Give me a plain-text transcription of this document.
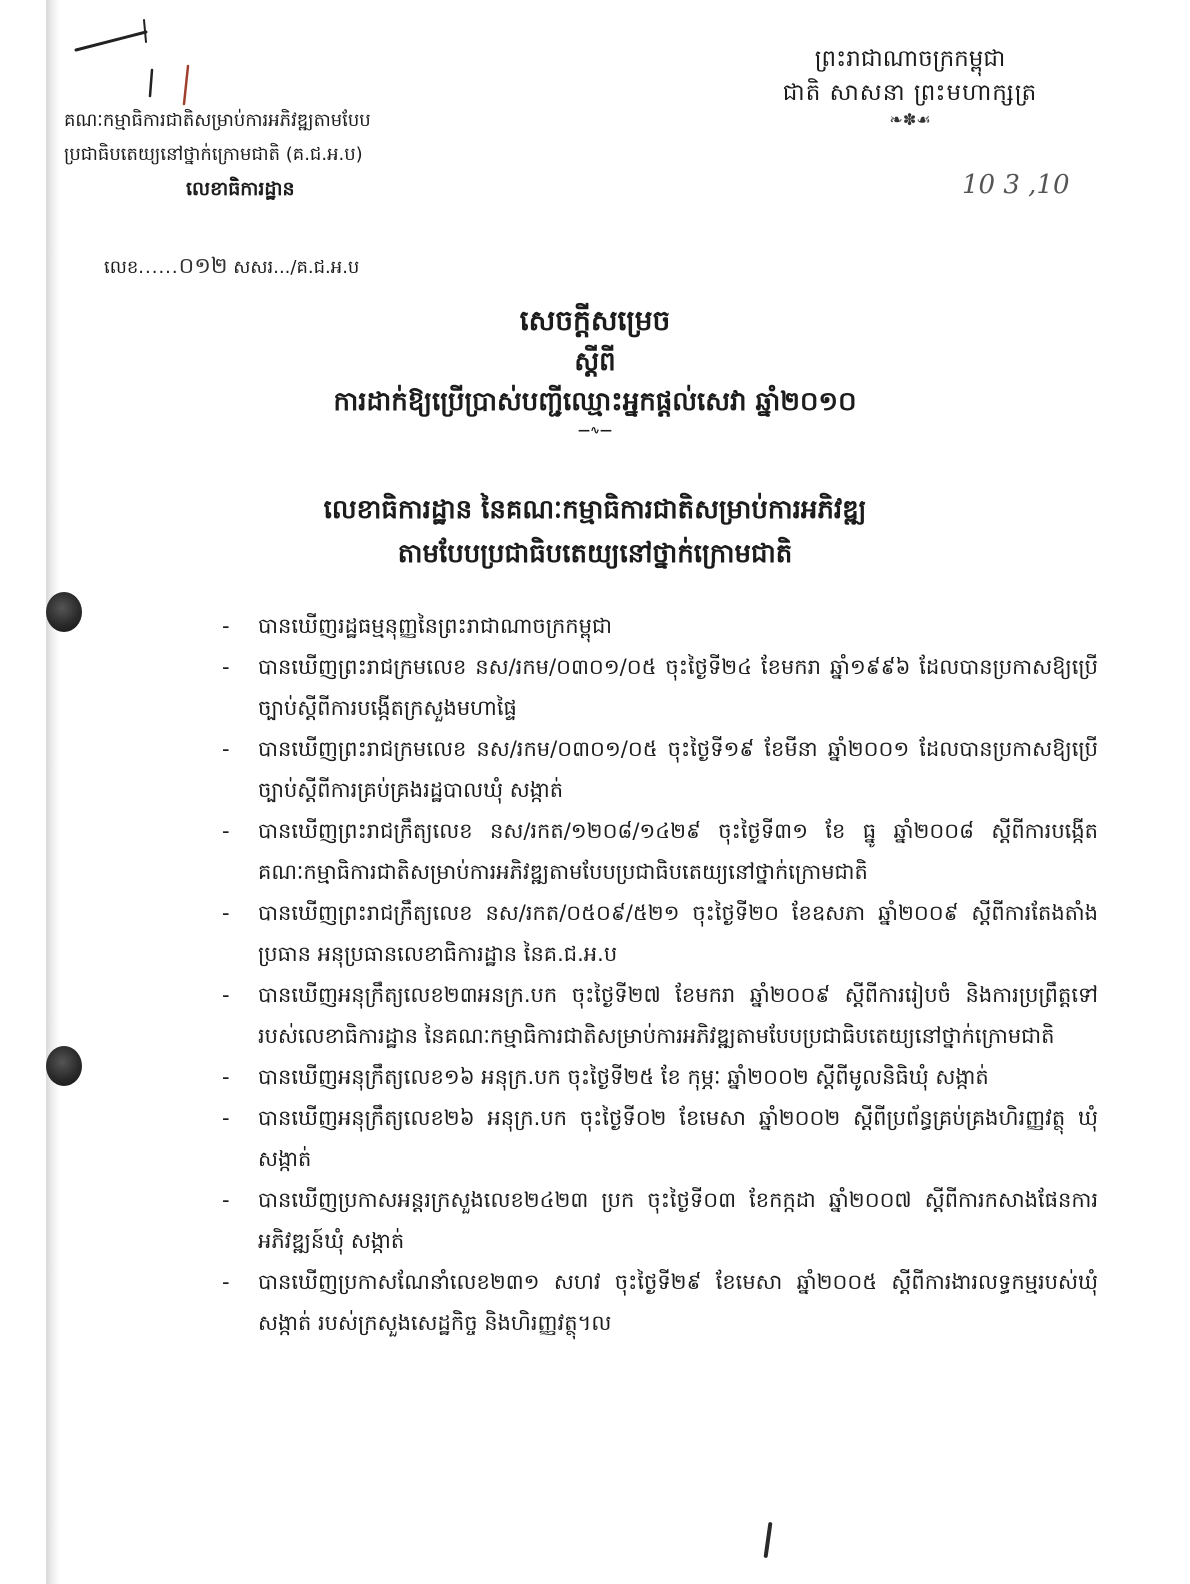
ព្រះរាជាណាចក្រកម្ពុជា
ជាតិ សាសនា ព្រះមហាក្សត្រ
❧✽☙
10 3 ,10
គណៈកម្មាធិការជាតិសម្រាប់ការអភិវឌ្ឍតាមបែប
ប្រជាធិបតេយ្យនៅថ្នាក់ក្រោមជាតិ (គ.ជ.អ.ប)
លេខាធិការដ្ឋាន
លេខ......០១២ សសរ.../គ.ជ.អ.ប
សេចក្តីសម្រេច
ស្តីពី
ការដាក់ឱ្យប្រើប្រាស់បញ្ជីឈ្មោះអ្នកផ្តល់សេវា ឆ្នាំ២០១០
—∿—
លេខាធិការដ្ឋាន នៃគណៈកម្មាធិការជាតិសម្រាប់ការអភិវឌ្ឍ
តាមបែបប្រជាធិបតេយ្យនៅថ្នាក់ក្រោមជាតិ
- បានឃើញរដ្ឋធម្មនុញ្ញនៃព្រះរាជាណាចក្រកម្ពុជា
- បានឃើញព្រះរាជក្រមលេខ នស/រកម/០៣០១/០៥ ចុះថ្ងៃទី២៤ ខែមករា ឆ្នាំ១៩៩៦ ដែលបានប្រកាសឱ្យប្រើច្បាប់ស្តីពីការបង្កើតក្រសួងមហាផ្ទៃ
- បានឃើញព្រះរាជក្រមលេខ នស/រកម/០៣០១/០៥ ចុះថ្ងៃទី១៩ ខែមីនា ឆ្នាំ២០០១ ដែលបានប្រកាសឱ្យប្រើច្បាប់ស្តីពីការគ្រប់គ្រងរដ្ឋបាលឃុំ សង្កាត់
- បានឃើញព្រះរាជក្រឹត្យលេខ នស/រកត/១២០៨/១៤២៩ ចុះថ្ងៃទី៣១ ខែ ធ្នូ ឆ្នាំ២០០៨ ស្តីពីការបង្កើតគណៈកម្មាធិការជាតិសម្រាប់ការអភិវឌ្ឍតាមបែបប្រជាធិបតេយ្យនៅថ្នាក់ក្រោមជាតិ
- បានឃើញព្រះរាជក្រឹត្យលេខ នស/រកត/០៥០៩/៥២១ ចុះថ្ងៃទី២០ ខែឧសភា ឆ្នាំ២០០៩ ស្តីពីការតែងតាំងប្រធាន អនុប្រធានលេខាធិការដ្ឋាន នៃគ.ជ.អ.ប
- បានឃើញអនុក្រឹត្យលេខ២៣អនក្រ.បក ចុះថ្ងៃទី២៧ ខែមករា ឆ្នាំ២០០៩ ស្តីពីការរៀបចំ និងការប្រព្រឹត្តទៅរបស់លេខាធិការដ្ឋាន នៃគណៈកម្មាធិការជាតិសម្រាប់ការអភិវឌ្ឍតាមបែបប្រជាធិបតេយ្យនៅថ្នាក់ក្រោមជាតិ
- បានឃើញអនុក្រឹត្យលេខ១៦ អនុក្រ.បក ចុះថ្ងៃទី២៥ ខែ កុម្ភៈ ឆ្នាំ២០០២ ស្តីពីមូលនិធិឃុំ សង្កាត់
- បានឃើញអនុក្រឹត្យលេខ២៦ អនុក្រ.បក ចុះថ្ងៃទី០២ ខែមេសា ឆ្នាំ២០០២ ស្តីពីប្រព័ន្ធគ្រប់គ្រងហិរញ្ញវត្ថុ ឃុំ សង្កាត់
- បានឃើញប្រកាសអន្តរក្រសួងលេខ២៤២៣ ប្រក ចុះថ្ងៃទី០៣ ខែកក្កដា ឆ្នាំ២០០៧ ស្តីពីការកសាងផែនការអភិវឌ្ឍន៍ឃុំ សង្កាត់
- បានឃើញប្រកាសណែនាំលេខ២៣១ សហវ ចុះថ្ងៃទី២៩ ខែមេសា ឆ្នាំ២០០៥ ស្តីពីការងារលទ្ធកម្មរបស់ឃុំ សង្កាត់ របស់ក្រសួងសេដ្ឋកិច្ច និងហិរញ្ញវត្ថុ។ល
